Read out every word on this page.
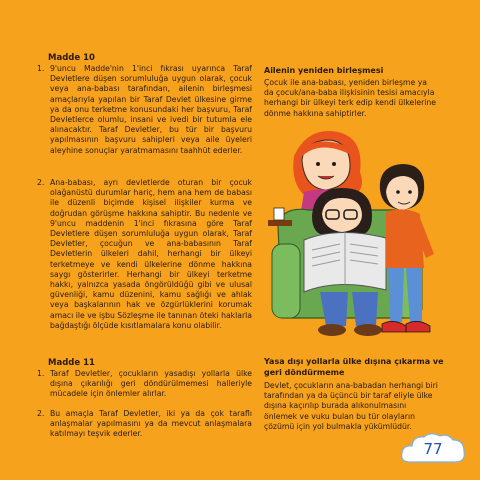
Madde 10
1. 9'uncu Madde'nin 1'inci fıkrası uyarınca Taraf Devletlere düşen sorumluluğa uygun olarak, çocuk veya ana-babası tarafından, ailenin birleşmesi amaçlarıyla yapılan bir Taraf Devlet ülkesine girme ya da onu terketme konusundaki her başvuru, Taraf Devletlerce olumlu, insani ve ivedi bir tutumla ele alınacaktır. Taraf Devletler, bu tür bir başvuru yapılmasının başvuru sahipleri veya aile üyeleri aleyhine sonuçlar yaratmamasını taahhüt ederler.
2. Ana-babası, ayrı devletlerde oturan bir çocuk olağanüstü durumlar hariç, hem ana hem de babası ile düzenli biçimde kişisel ilişkiler kurma ve doğrudan görüşme hakkına sahiptir. Bu nedenle ve 9'uncu maddenin 1'inci fıkrasına göre Taraf Devletlere düşen sorumluluğa uygun olarak, Taraf Devletler, çocuğun ve ana-babasının Taraf Devletlerin ülkeleri dahil, herhangi bir ülkeyi terketmeye ve kendi ülkelerine dönme hakkına saygı gösterirler. Herhangi bir ülkeyi terketme hakkı, yalnızca yasada öngörüldüğü gibi ve ulusal güvenliği, kamu düzenini, kamu sağlığı ve ahlak veya başkalarının hak ve özgürlüklerini korumak amacı ile ve işbu Sözleşme ile tanınan öteki haklarla bağdaştığı ölçüde kısıtlamalara konu olabilir.
Madde 11
1. Taraf Devletler, çocukların yasadışı yollarla ülke dışına çıkarılığı geri döndürülmemesi halleriyle mücadele için önlemler alırlar.
2. Bu amaçla Taraf Devletler, iki ya da çok taraflı anlaşmalar yapılmasını ya da mevcut anlaşmalara katılmayı teşvik ederler.
Ailenin yeniden birleşmesi
Çocuk ile ana-babası, yeniden birleşme ya da çocuk/ana-baba ilişkisinin tesisi amacıyla herhangi bir ülkeyi terk edip kendi ülkelerine dönme hakkına sahiptirler.
Yasa dışı yollarla ülke dışına çıkarma ve geri döndürmeme
Devlet, çocukların ana-babadan herhangi biri tarafından ya da üçüncü bir taraf eliyle ülke dışına kaçırılıp burada alıkonulmasını önlemek ve vuku bulan bu tür olayların çözümü için yol bulmakla yükümlüdür.
77
